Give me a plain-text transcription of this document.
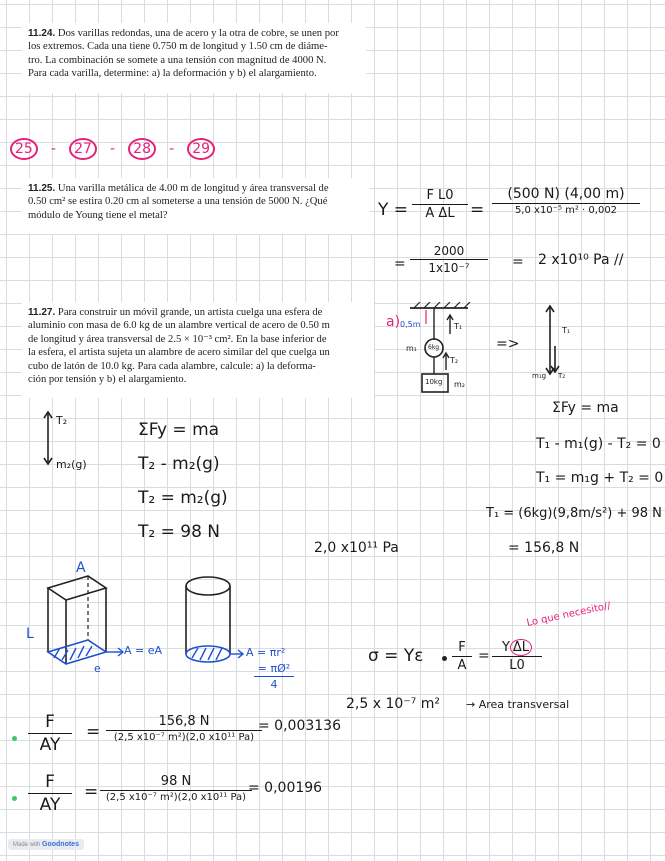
11.24. Dos varillas redondas, una de acero y la otra de cobre, se unen por
los extremos. Cada una tiene 0.750 m de longitud y 1.50 cm de diáme-
tro. La combinación se somete a una tensión con magnitud de 4000 N.
Para cada varilla, determine: a) la deformación y b) el alargamiento.
11.25. Una varilla metálica de 4.00 m de longitud y área transversal de
0.50 cm² se estira 0.20 cm al someterse a una tensión de 5000 N. ¿Qué
módulo de Young tiene el metal?
11.27. Para construir un móvil grande, un artista cuelga una esfera de
aluminio con masa de 6.0 kg de un alambre vertical de acero de 0.50 m
de longitud y área transversal de 2.5 × 10⁻³ cm². En la base inferior de
la esfera, el artista sujeta un alambre de acero similar del que cuelga un
cubo de latón de 10.0 kg. Para cada alambre, calcule: a) la deforma-
ción por tensión y b) el alargamiento.
25 - 27 - 28 - 29
Y =
F L0
A ΔL =
(500 N) (4,00 m)
5,0 x10⁻⁵ m² · 0,002
=
2000
1x10⁻⁷	= 2 x10¹⁰ Pa //
a) 0,5m	T₁
m₁ 6kg
T₂
10kg m₂
=>
T₁
m₁g T₂
ΣFy = ma
T₁ - m₁(g) - T₂ = 0
T₁ = m₁g + T₂ = 0
T₁ = (6kg)(9,8m/s²) + 98 N
= 156,8 N
T₂
m₂(g)
ΣFy = ma
T₂ - m₂(g)
T₂ = m₂(g)
T₂ = 98 N
2,0 x10¹¹ Pa
A
L
A = eA
e
A = πr²
= πØ²
4
σ = Yε	F
A
=
Y ΔL
L0
Lo que necesito//
2,5 x 10⁻⁷ m² → Area transversal
F
AY
=
156,8 N
(2,5 x10⁻⁷ m²)(2,0 x10¹¹ Pa)
= 0,003136
F
AY
=
98 N
(2,5 x10⁻⁷ m²)(2,0 x10¹¹ Pa)
= 0,00196
Made with Goodnotes
